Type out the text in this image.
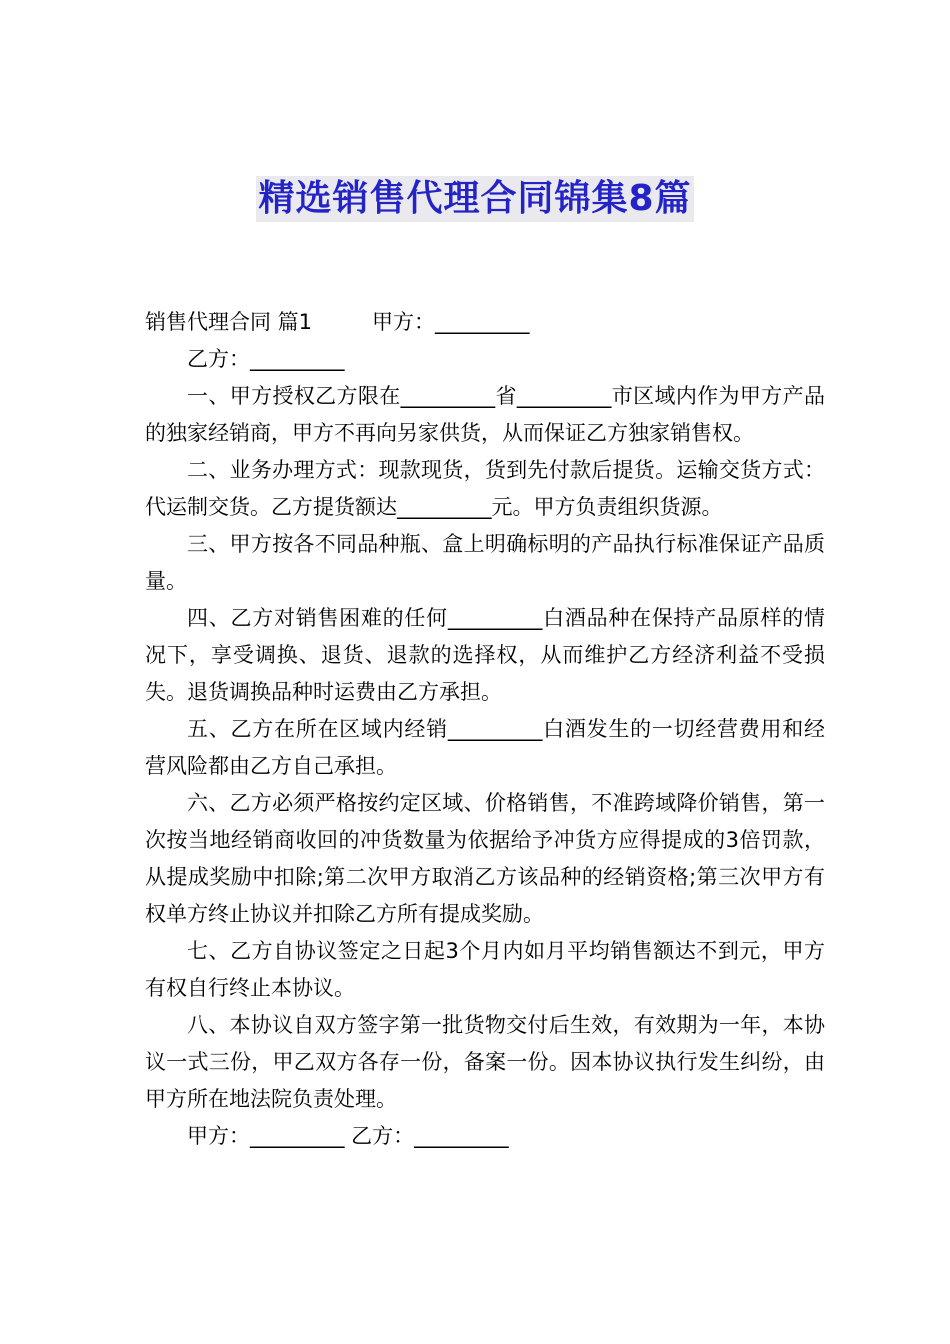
精选销售代理合同锦集8篇

销售代理合同 篇1	甲方：_________

乙方：_________

一、甲方授权乙方限在_________省_________市区域内作为甲方产品的独家经销商，甲方不再向另家供货，从而保证乙方独家销售权。

二、业务办理方式：现款现货，货到先付款后提货。运输交货方式：代运制交货。乙方提货额达_________元。甲方负责组织货源。

三、甲方按各不同品种瓶、盒上明确标明的产品执行标准保证产品质量。

四、乙方对销售困难的任何_________白酒品种在保持产品原样的情况下，享受调换、退货、退款的选择权，从而维护乙方经济利益不受损失。退货调换品种时运费由乙方承担。

五、乙方在所在区域内经销_________白酒发生的一切经营费用和经营风险都由乙方自己承担。

六、乙方必须严格按约定区域、价格销售，不准跨域降价销售，第一次按当地经销商收回的冲货数量为依据给予冲货方应得提成的3倍罚款，从提成奖励中扣除;第二次甲方取消乙方该品种的经销资格;第三次甲方有权单方终止协议并扣除乙方所有提成奖励。

七、乙方自协议签定之日起3个月内如月平均销售额达不到元，甲方有权自行终止本协议。

八、本协议自双方签字第一批货物交付后生效，有效期为一年，本协议一式三份，甲乙双方各存一份，备案一份。因本协议执行发生纠纷，由甲方所在地法院负责处理。

甲方：_________ 乙方：_________
